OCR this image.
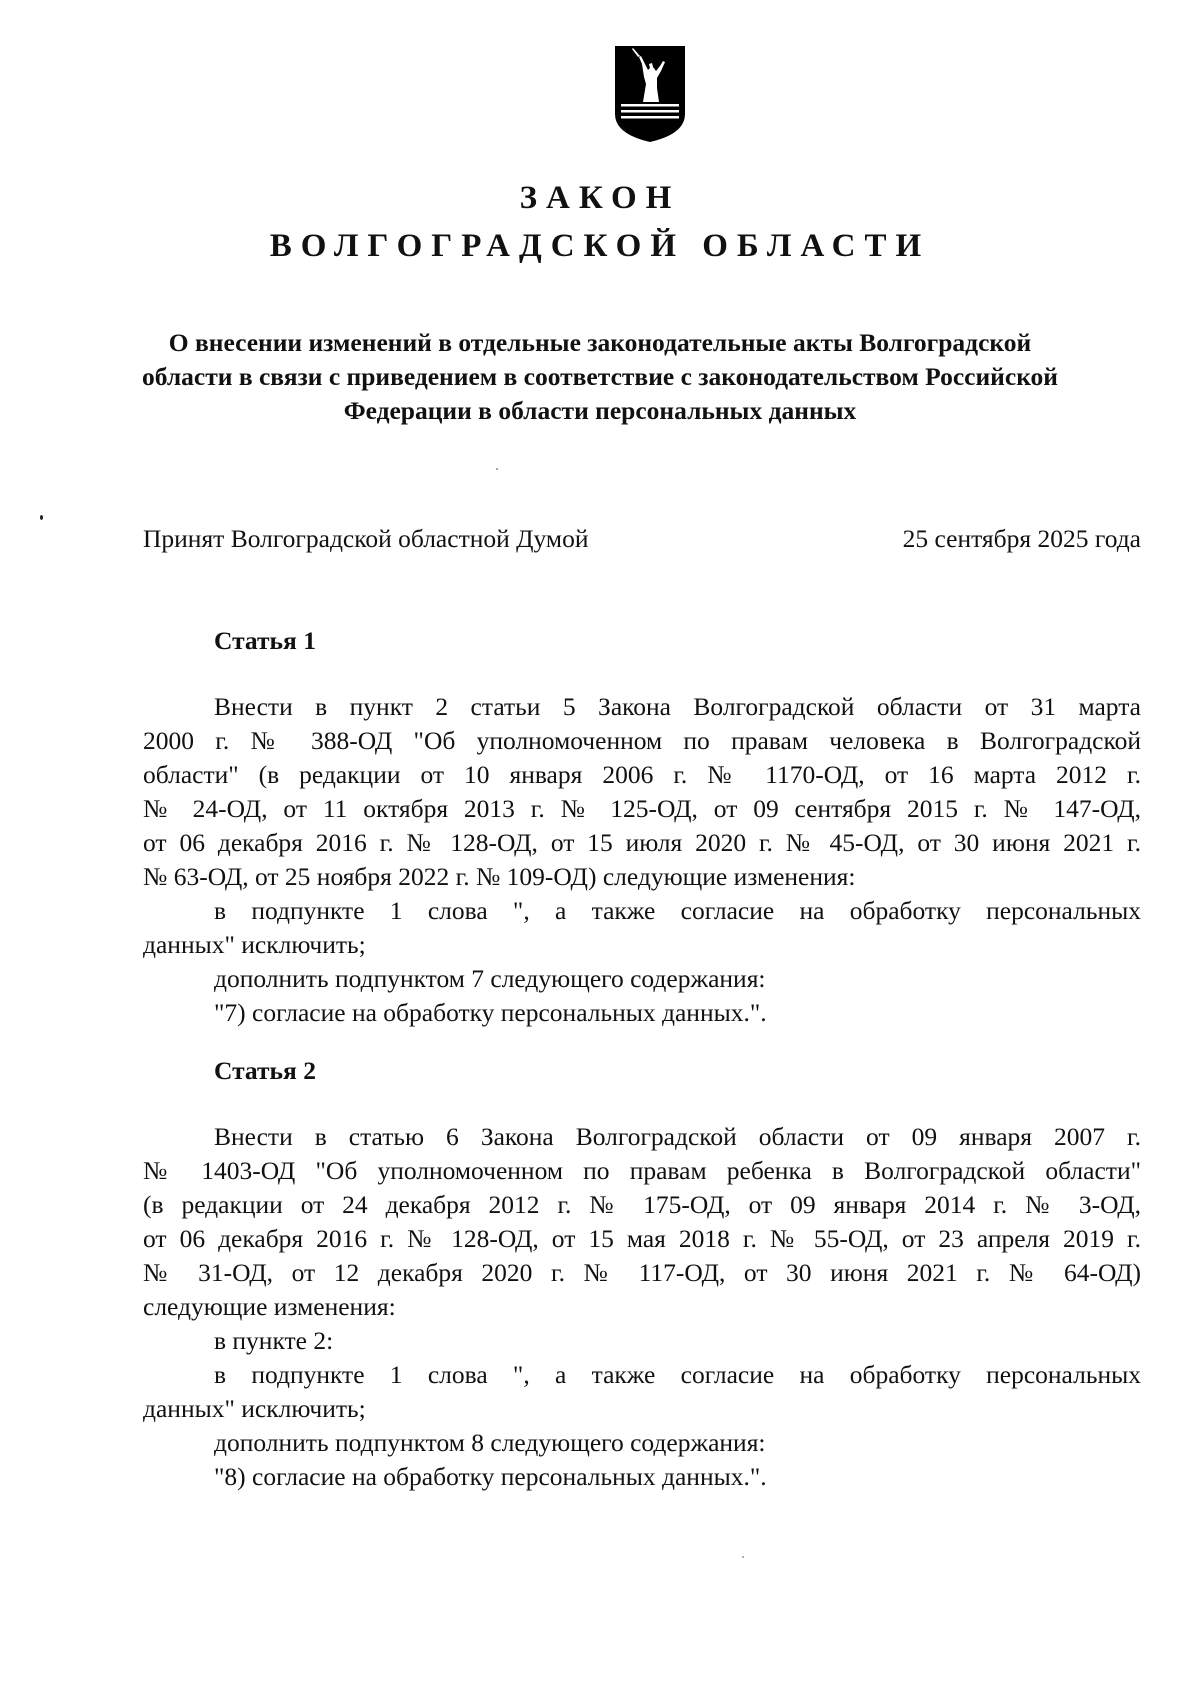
ЗАКОН
ВОЛГОГРАДСКОЙ ОБЛАСТИ
О внесении изменений в отдельные законодательные акты Волгоградской
области в связи с приведением в соответствие с законодательством Российской
Федерации в области персональных данных
Принят Волгоградской областной Думой	25 сентября 2025 года
Статья 1
Внести в пункт 2 статьи 5 Закона Волгоградской области от 31 марта
2000 г. № 388-ОД "Об уполномоченном по правам человека в Волгоградской
области" (в редакции от 10 января 2006 г. № 1170-ОД, от 16 марта 2012 г.
№ 24-ОД, от 11 октября 2013 г. № 125-ОД, от 09 сентября 2015 г. № 147-ОД,
от 06 декабря 2016 г. № 128-ОД, от 15 июля 2020 г. № 45-ОД, от 30 июня 2021 г.
№ 63-ОД, от 25 ноября 2022 г. № 109-ОД) следующие изменения:
в подпункте 1 слова ", а также согласие на обработку персональных
данных" исключить;
дополнить подпунктом 7 следующего содержания:
"7) согласие на обработку персональных данных.".
Статья 2
Внести в статью 6 Закона Волгоградской области от 09 января 2007 г.
№ 1403-ОД "Об уполномоченном по правам ребенка в Волгоградской области"
(в редакции от 24 декабря 2012 г. № 175-ОД, от 09 января 2014 г. № 3-ОД,
от 06 декабря 2016 г. № 128-ОД, от 15 мая 2018 г. № 55-ОД, от 23 апреля 2019 г.
№ 31-ОД, от 12 декабря 2020 г. № 117-ОД, от 30 июня 2021 г. № 64-ОД)
следующие изменения:
в пункте 2:
в подпункте 1 слова ", а также согласие на обработку персональных
данных" исключить;
дополнить подпунктом 8 следующего содержания:
"8) согласие на обработку персональных данных.".
